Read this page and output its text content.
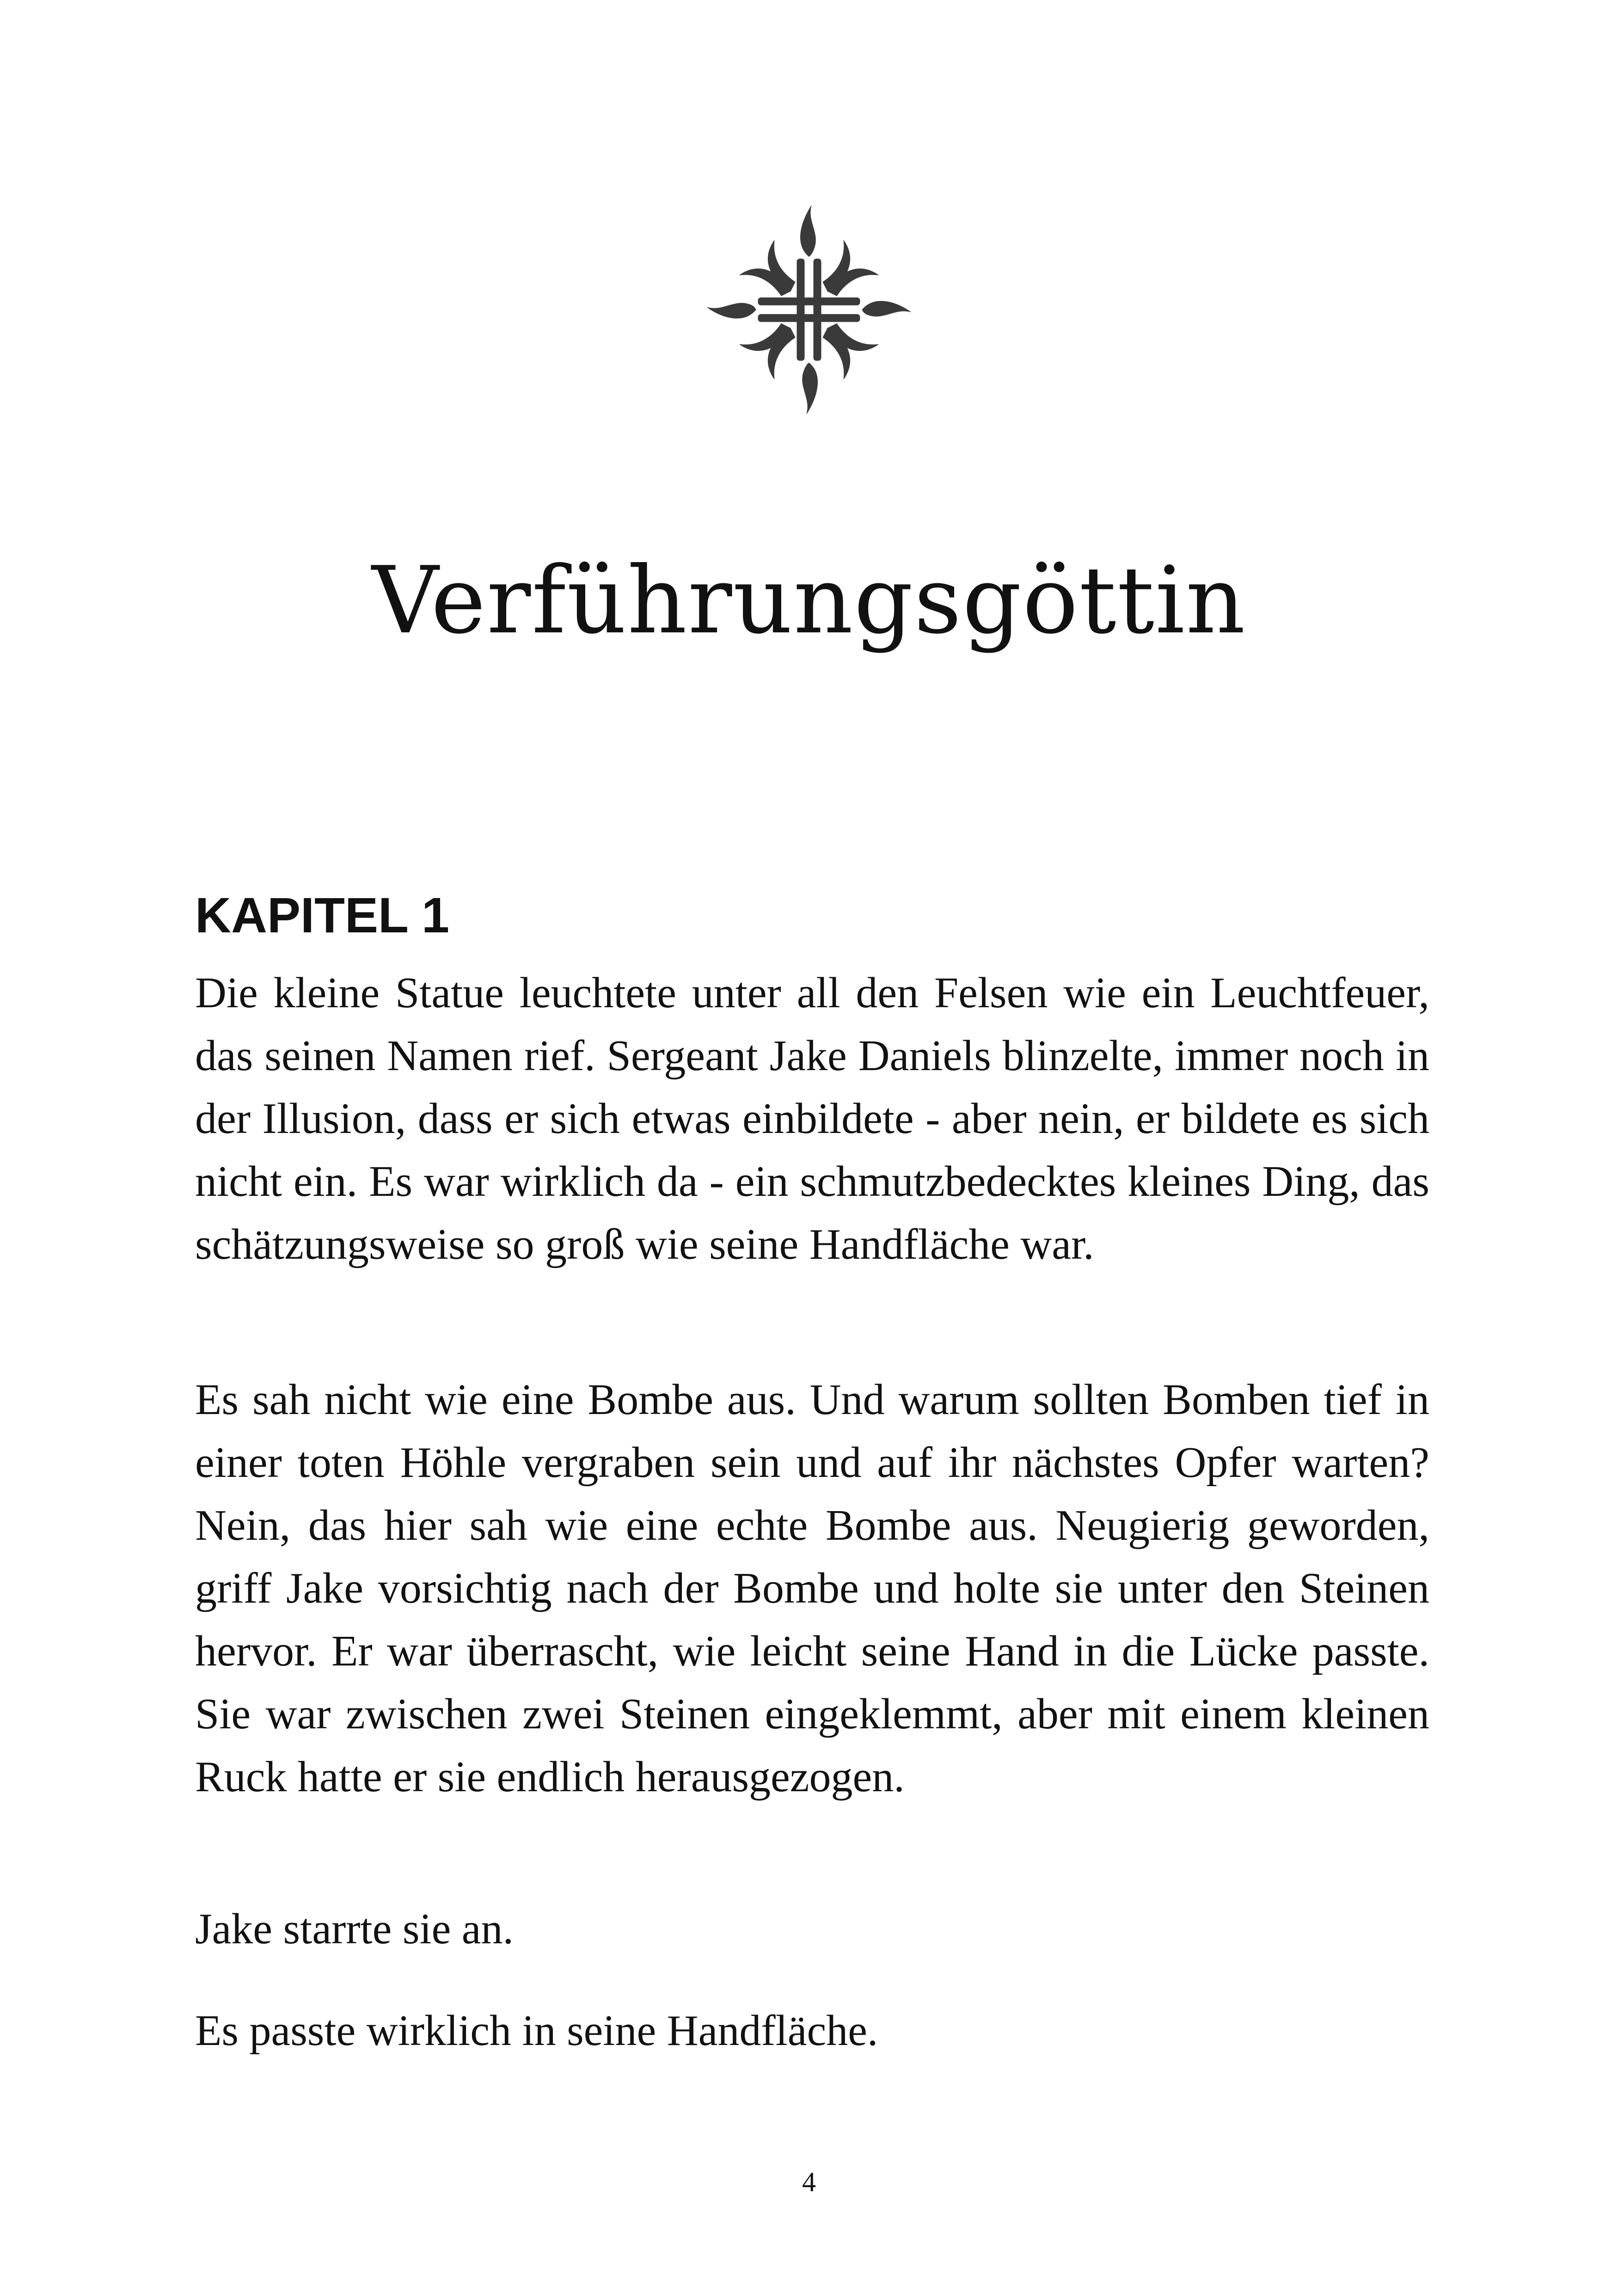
Verführungsgöttin
KAPITEL 1

Die kleine Statue leuchtete unter all den Felsen wie ein Leuchtfeuer, das seinen Namen rief. Sergeant Jake Daniels blinzelte, immer noch in der Illusion, dass er sich etwas einbildete - aber nein, er bildete es sich nicht ein. Es war wirklich da - ein schmutzbedecktes kleines Ding, das schätzungsweise so groß wie seine Handfläche war.

Es sah nicht wie eine Bombe aus. Und warum sollten Bomben tief in einer toten Höhle vergraben sein und auf ihr nächstes Opfer warten? Nein, das hier sah wie eine echte Bombe aus. Neugierig geworden, griff Jake vorsichtig nach der Bombe und holte sie unter den Steinen hervor. Er war überrascht, wie leicht seine Hand in die Lücke passte. Sie war zwischen zwei Steinen eingeklemmt, aber mit einem kleinen Ruck hatte er sie endlich herausgezogen.

Jake starrte sie an.

Es passte wirklich in seine Handfläche.

4
